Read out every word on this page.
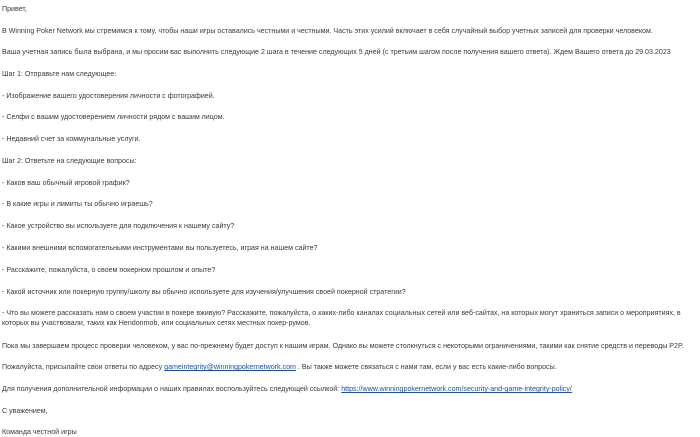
Привет,
В Winning Poker Network мы стремимся к тому, чтобы наши игры оставались честными и честными. Часть этих усилий включает в себя случайный выбор учетных записей для проверки человеком.
Ваша учетная запись была выбрана, и мы просим вас выполнить следующие 2 шага в течение следующих 5 дней (с третьим шагом после получения вашего ответа). Ждем Вашего ответа до 29.03.2023
Шаг 1: Отправьте нам следующее:
- Изображение вашего удостоверения личности с фотографией.
- Селфи с вашим удостоверением личности рядом с вашим лицом.
- Недавний счет за коммунальные услуги.
Шаг 2: Ответьте на следующие вопросы:
- Каков ваш обычный игровой график?
- В какие игры и лимиты ты обычно играешь?
- Какое устройство вы используете для подключения к нашему сайту?
- Какими внешними вспомогательными инструментами вы пользуетесь, играя на нашем сайте?
- Расскажите, пожалуйста, о своем покерном прошлом и опыте?
- Какой источник или покерную группу/школу вы обычно используете для изучения/улучшения своей покерной стратегии?
- Что вы можете рассказать нам о своем участии в покере вживую? Расскажите, пожалуйста, о каких-либо каналах социальных сетей или веб-сайтах, на которых могут храниться записи о мероприятиях, в которых вы участвовали, таких как Hendonmob, или социальных сетях местных покер-румов.
Пока мы завершаем процесс проверки человеком, у вас по-прежнему будет доступ к нашим играм. Однако вы можете столкнуться с некоторыми ограничениями, такими как снятие средств и переводы P2P.
Пожалуйста, присылайте свои ответы по адресу gameintegrity@winningpokernetwork.com . Вы также можете связаться с нами там, если у вас есть какие-либо вопросы.
Для получения дополнительной информации о наших правилах воспользуйтесь следующей ссылкой: https://www.winningpokernetwork.com/security-and-game-integrity-policy/
С уважением,
Команда честной игры
